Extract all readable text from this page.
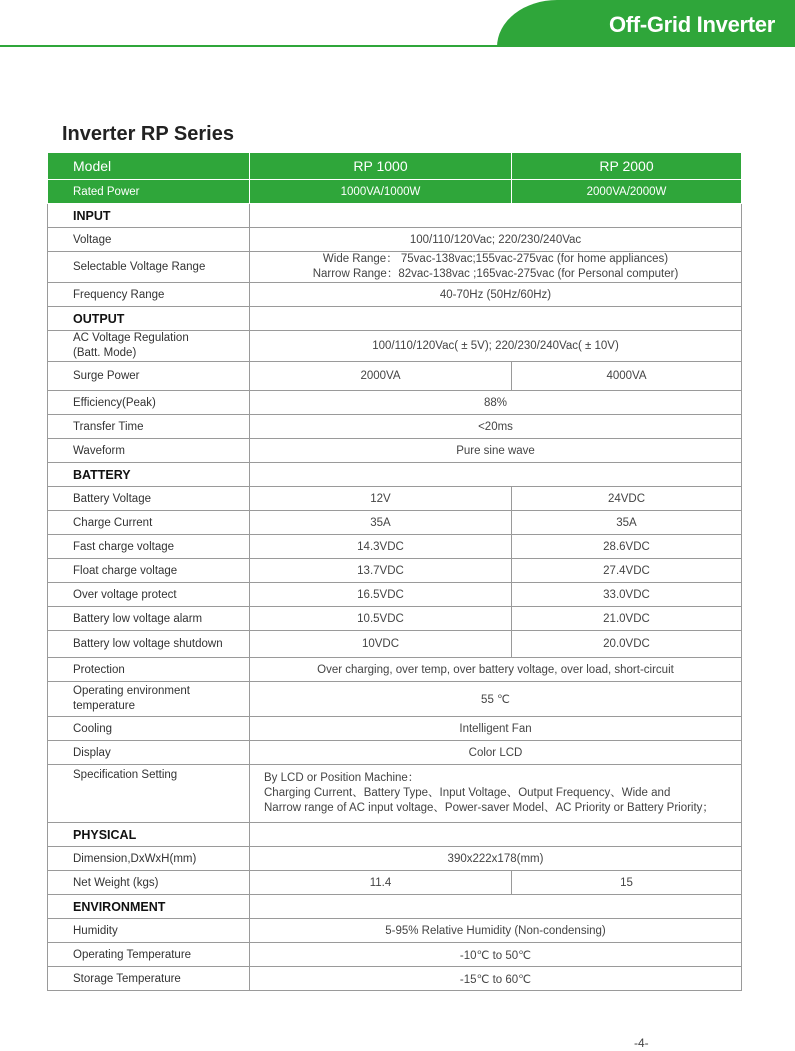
Off-Grid Inverter
Inverter RP Series
Model	RP 1000	RP 2000
Rated Power	1000VA/1000W	2000VA/2000W
INPUT		
Voltage	100/110/120Vac; 220/230/240Vac	
Selectable Voltage Range	Wide Range： 75vac-138vac;155vac-275vac (for home appliances)
Narrow Range：82vac-138vac ;165vac-275vac (for Personal computer)	

Frequency Range	40-70Hz (50Hz/60Hz)	
OUTPUT		

AC Voltage Regulation
(Batt. Mode)	100/110/120Vac( ± 5V); 220/230/240Vac( ± 10V)	
Surge Power	2000VA	4000VA
Efficiency(Peak)	88%	
Transfer Time	<20ms	
Waveform	Pure sine wave	
BATTERY		
Battery Voltage	12V	24VDC
Charge Current	35A	35A
Fast charge voltage	14.3VDC	28.6VDC
Float charge voltage	13.7VDC	27.4VDC
Over voltage protect	16.5VDC	33.0VDC
Battery low voltage alarm	10.5VDC	21.0VDC
Battery low voltage shutdown	10VDC	20.0VDC
Protection	Over charging, over temp, over battery voltage, over load, short-circuit	

Operating environment
temperature	55 ℃	
Cooling	Intelligent Fan	
Display	Color LCD	
Specification Setting	By LCD or Position Machine：
Charging Current、Battery Type、Input Voltage、Output Frequency、Wide and
Narrow range of AC input voltage、Power-saver Model、AC Priority or Battery Priority；	

PHYSICAL		
Dimension,DxWxH(mm)	390x222x178(mm)	
Net Weight (kgs)	11.4	15
ENVIRONMENT		
Humidity	5-95% Relative Humidity (Non-condensing)	
Operating Temperature	-10℃ to 50℃	
Storage Temperature	-15℃ to 60℃	
-4-
